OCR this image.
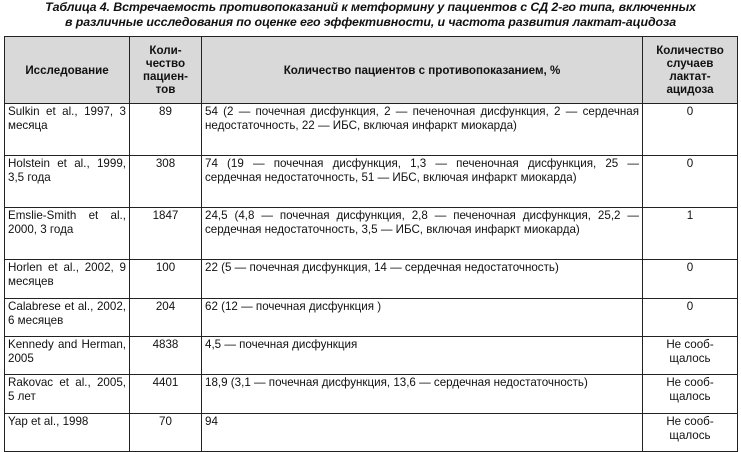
Таблица 4. Встречаемость противопоказаний к метформину у пациентов с СД 2-го типа, включенных
в различные исследования по оценке его эффективности, и частота развития лактат-ацидоза
Исследование	Коли-
чество
пациен-
тов	Количество пациентов с противопоказанием, %	Количество
случаев
лактат-
ацидоза
Sulkin et al., 1997, 3 месяца	89	54 (2 — почечная дисфункция, 2 — печеночная дисфункция, 2 — сердечная недостаточность, 22 — ИБС, включая инфаркт миокарда)	0
Holstein et al., 1999, 3,5 года	308	74 (19 — почечная дисфункция, 1,3 — печеночная дисфункция, 25 — сердечная недостаточность, 51 — ИБС, включая инфаркт миокарда)	0
Emslie-Smith et al., 2000, 3 года	1847	24,5 (4,8 — почечная дисфункция, 2,8 — печеночная дисфункция, 25,2 — сердечная недостаточность, 3,5 — ИБС, включая инфаркт миокарда)	1
Horlen et al., 2002, 9 месяцев	100	22 (5 — почечная дисфункция, 14 — сердечная недостаточность)	0
Calabrese et al., 2002, 6 месяцев	204	62 (12 — почечная дисфункция )	0
Kennedy and Herman, 2005	4838	4,5 — почечная дисфункция	Не сооб-
щалось
Rakovac et al., 2005, 5 лет	4401	18,9 (3,1 — почечная дисфункция, 13,6 — сердечная недостаточность)	Не сооб-
щалось
Yap et al., 1998	70	94	Не сооб-
щалось
